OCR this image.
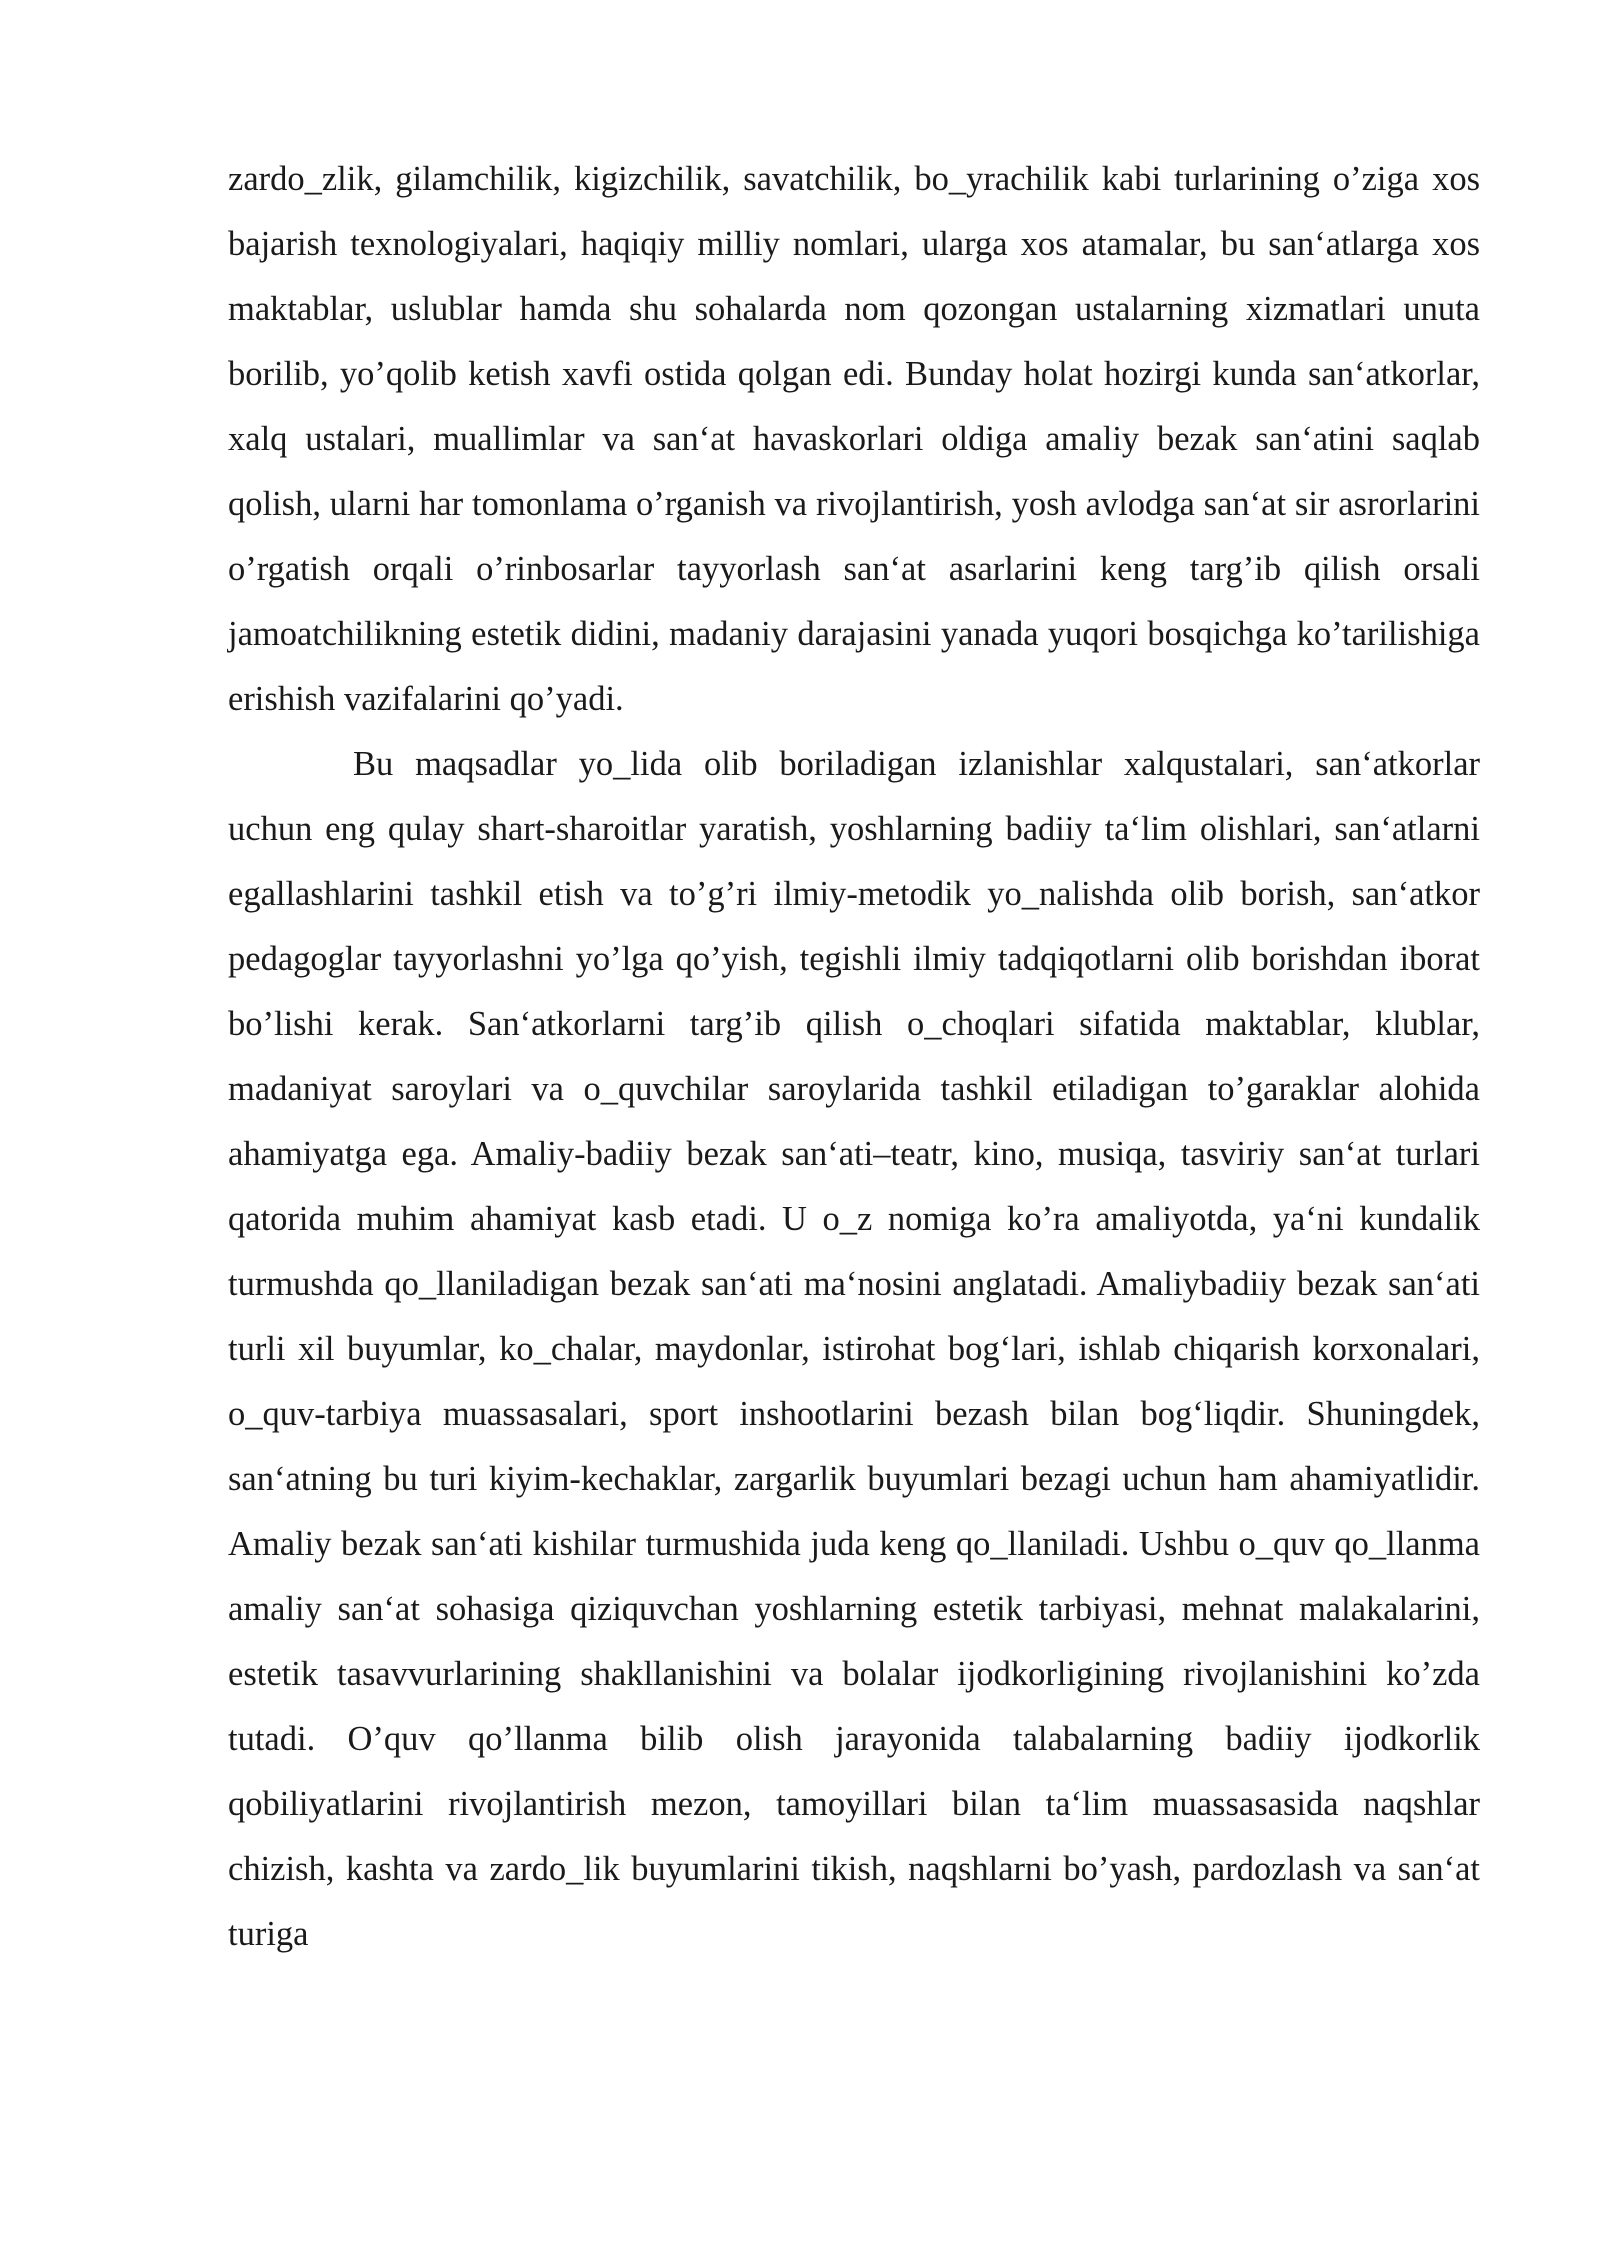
zardo_zlik, gilamchilik, kigizchilik, savatchilik, bo_yrachilik kabi turlarining o’ziga xos bajarish texnologiyalari, haqiqiy milliy nomlari, ularga xos atamalar, bu san‘atlarga xos maktablar, uslublar hamda shu sohalarda nom qozongan ustalarning xizmatlari unuta borilib, yo’qolib ketish xavfi ostida qolgan edi. Bunday holat hozirgi kunda san‘atkorlar, xalq ustalari, muallimlar va san‘at havaskorlari oldiga amaliy bezak san‘atini saqlab qolish, ularni har tomonlama o’rganish va rivojlantirish, yosh avlodga san‘at sir asrorlarini o’rgatish orqali o’rinbosarlar tayyorlash san‘at asarlarini keng targ’ib qilish orsali jamoatchilikning estetik didini, madaniy darajasini yanada yuqori bosqichga ko’tarilishiga erishish vazifalarini qo’yadi.

Bu maqsadlar yo_lida olib boriladigan izlanishlar xalqustalari, san‘atkorlar uchun eng qulay shart-sharoitlar yaratish, yoshlarning badiiy ta‘lim olishlari, san‘atlarni egallashlarini tashkil etish va to’g’ri ilmiy-metodik yo_nalishda olib borish, san‘atkor pedagoglar tayyorlashni yo’lga qo’yish, tegishli ilmiy tadqiqotlarni olib borishdan iborat bo’lishi kerak. San‘atkorlarni targ’ib qilish o_choqlari sifatida maktablar, klublar, madaniyat saroylari va o_quvchilar saroylarida tashkil etiladigan to’garaklar alohida ahamiyatga ega. Amaliy-badiiy bezak san‘ati–teatr, kino, musiqa, tasviriy san‘at turlari qatorida muhim ahamiyat kasb etadi. U o_z nomiga ko’ra amaliyotda, ya‘ni kundalik turmushda qo_llaniladigan bezak san‘ati ma‘nosini anglatadi. Amaliybadiiy bezak san‘ati turli xil buyumlar, ko_chalar, maydonlar, istirohat bog‘lari, ishlab chiqarish korxonalari, o_quv-tarbiya muassasalari, sport inshootlarini bezash bilan bog‘liqdir. Shuningdek, san‘atning bu turi kiyim-kechaklar, zargarlik buyumlari bezagi uchun ham ahamiyatlidir. Amaliy bezak san‘ati kishilar turmushida juda keng qo_llaniladi. Ushbu o_quv qo_llanma amaliy san‘at sohasiga qiziquvchan yoshlarning estetik tarbiyasi, mehnat malakalarini, estetik tasavvurlarining shakllanishini va bolalar ijodkorligining rivojlanishini ko’zda tutadi. O’quv qo’llanma bilib olish jarayonida talabalarning badiiy ijodkorlik qobiliyatlarini rivojlantirish mezon, tamoyillari bilan ta‘lim muassasasida naqshlar chizish, kashta va zardo_lik buyumlarini tikish, naqshlarni bo’yash, pardozlash va san‘at turiga
